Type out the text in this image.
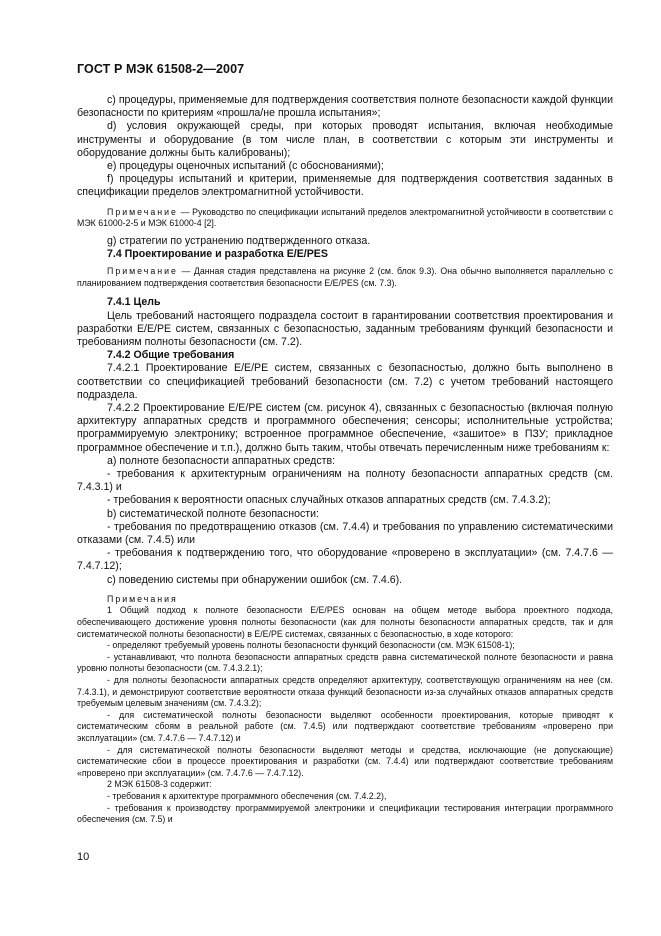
ГОСТ Р МЭК 61508-2—2007

c) процедуры, применяемые для подтверждения соответствия полноте безопасности каждой функции безопасности по критериям «прошла/не прошла испытания»;

d) условия окружающей среды, при которых проводят испытания, включая необходимые инструменты и оборудование (в том числе план, в соответствии с которым эти инструменты и оборудование должны быть калиброваны);

e) процедуры оценочных испытаний (с обоснованиями);

f) процедуры испытаний и критерии, применяемые для подтверждения соответствия заданных в спецификации пределов электромагнитной устойчивости.

Примечание — Руководство по спецификации испытаний пределов электромагнитной устойчивости в соответствии с МЭК 61000-2-5 и МЭК 61000-4 [2].

g) стратегии по устранению подтвержденного отказа.

7.4 Проектирование и разработка E/E/PES

Примечание — Данная стадия представлена на рисунке 2 (см. блок 9.3). Она обычно выполняется параллельно с планированием подтверждения соответствия безопасности E/E/PES (см. 7.3).

7.4.1 Цель

Цель требований настоящего подраздела состоит в гарантировании соответствия проектирования и разработки E/E/PE систем, связанных с безопасностью, заданным требованиям функций безопасности и требованиям полноты безопасности (см. 7.2).

7.4.2 Общие требования

7.4.2.1 Проектирование E/E/PE систем, связанных с безопасностью, должно быть выполнено в соответствии со спецификацией требований безопасности (см. 7.2) с учетом требований настоящего подраздела.

7.4.2.2 Проектирование E/E/PE систем (см. рисунок 4), связанных с безопасностью (включая полную архитектуру аппаратных средств и программного обеспечения; сенсоры; исполнительные устройства; программируемую электронику; встроенное программное обеспечение, «зашитое» в ПЗУ; прикладное программное обеспечение и т.п.), должно быть таким, чтобы отвечать перечисленным ниже требованиям к:

a) полноте безопасности аппаратных средств:

- требования к архитектурным ограничениям на полноту безопасности аппаратных средств (см. 7.4.3.1) и

- требования к вероятности опасных случайных отказов аппаратных средств (см. 7.4.3.2);

b) систематической полноте безопасности:

- требования по предотвращению отказов (см. 7.4.4) и требования по управлению систематическими отказами (см. 7.4.5) или

- требования к подтверждению того, что оборудование «проверено в эксплуатации» (см. 7.4.7.6 — 7.4.7.12);

c) поведению системы при обнаружении ошибок (см. 7.4.6).

Примечания

1 Общий подход к полноте безопасности E/E/PES основан на общем методе выбора проектного подхода, обеспечивающего достижение уровня полноты безопасности (как для полноты безопасности аппаратных средств, так и для систематической полноты безопасности) в E/E/PE системах, связанных с безопасностью, в ходе которого:

- определяют требуемый уровень полноты безопасности функций безопасности (см. МЭК 61508-1);

- устанавливают, что полнота безопасности аппаратных средств равна систематической полноте безопасности и равна уровню полноты безопасности (см. 7.4.3.2.1);

- для полноты безопасности аппаратных средств определяют архитектуру, соответствующую ограничениям на нее (см. 7.4.3.1), и демонстрируют соответствие вероятности отказа функций безопасности из-за случайных отказов аппаратных средств требуемым целевым значениям (см. 7.4.3.2);

- для систематической полноты безопасности выделяют особенности проектирования, которые приводят к систематическим сбоям в реальной работе (см. 7.4.5) или подтверждают соответствие требованиям «проверено при эксплуатации» (см. 7.4.7.6 — 7.4.7.12) и

- для систематической полноты безопасности выделяют методы и средства, исключающие (не допускающие) систематические сбои в процессе проектирования и разработки (см. 7.4.4) или подтверждают соответствие требованиям «проверено при эксплуатации» (см. 7.4.7.6 — 7.4.7.12).

2 МЭК 61508-3 содержит:

- требования к архитектуре программного обеспечения (см. 7.4.2.2),

- требования к производству программируемой электроники и спецификации тестирования интеграции программного обеспечения (см. 7.5) и

10
